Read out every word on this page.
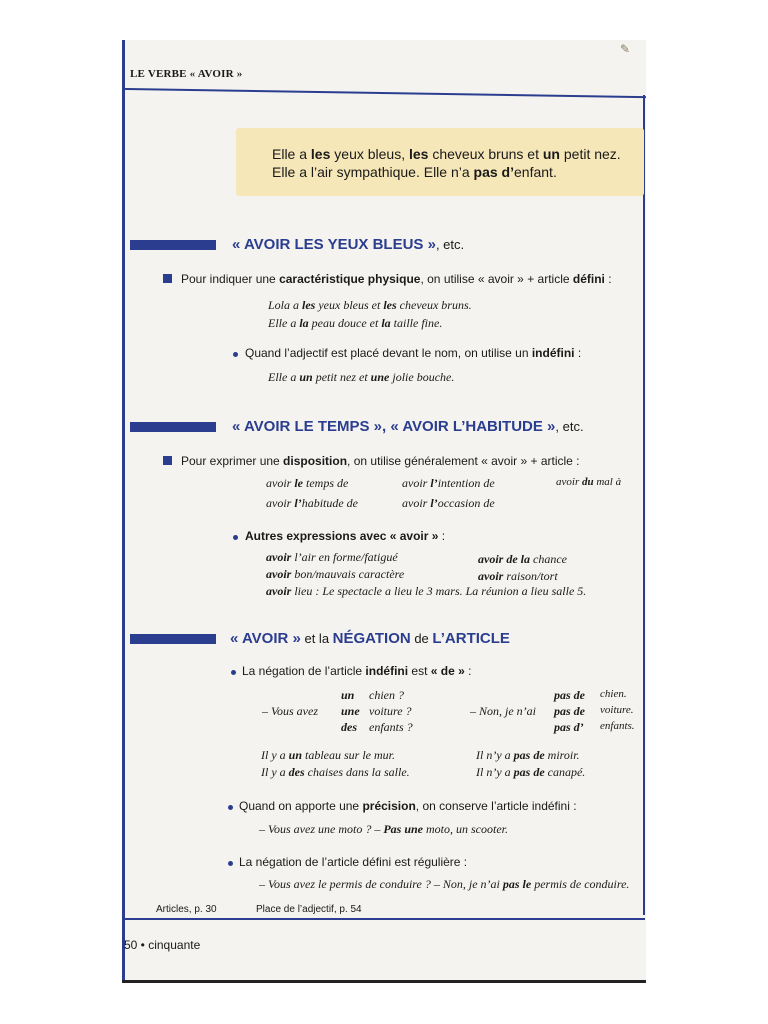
✎
LE VERBE « AVOIR »
Elle a les yeux bleus, les cheveux bruns et un petit nez.
Elle a l’air sympathique. Elle n’a pas d’enfant.
« AVOIR LES YEUX BLEUS », etc.
Pour indiquer une caractéristique physique, on utilise « avoir » + article défini :
Lola a les yeux bleus et les cheveux bruns.
Elle a la peau douce et la taille fine.
Quand l’adjectif est placé devant le nom, on utilise un indéfini :
Elle a un petit nez et une jolie bouche.
« AVOIR LE TEMPS », « AVOIR L’HABITUDE », etc.
Pour exprimer une disposition, on utilise généralement « avoir » + article :
avoir le temps de
avoir l’habitude de
avoir l’intention de
avoir l’occasion de
avoir du mal à
Autres expressions avec « avoir » :
avoir l’air en forme/fatigué
avoir bon/mauvais caractère
avoir de la chance
avoir raison/tort
avoir lieu : Le spectacle a lieu le 3 mars. La réunion a lieu salle 5.
« AVOIR » et la NÉGATION de L’ARTICLE
La négation de l’article indéfini est « de » :
un
une
des
– Vous avez
chien ?
voiture ?
enfants ?
– Non, je n’ai
pas de
pas de
pas d’
chien.
voiture.
enfants.
Il y a un tableau sur le mur.
Il y a des chaises dans la salle.
Il n’y a pas de miroir.
Il n’y a pas de canapé.
Quand on apporte une précision, on conserve l’article indéfini :
– Vous avez une moto ? – Pas une moto, un scooter.
La négation de l’article défini est régulière :
– Vous avez le permis de conduire ? – Non, je n’ai pas le permis de conduire.
Articles, p. 30	Place de l’adjectif, p. 54
50 • cinquante
